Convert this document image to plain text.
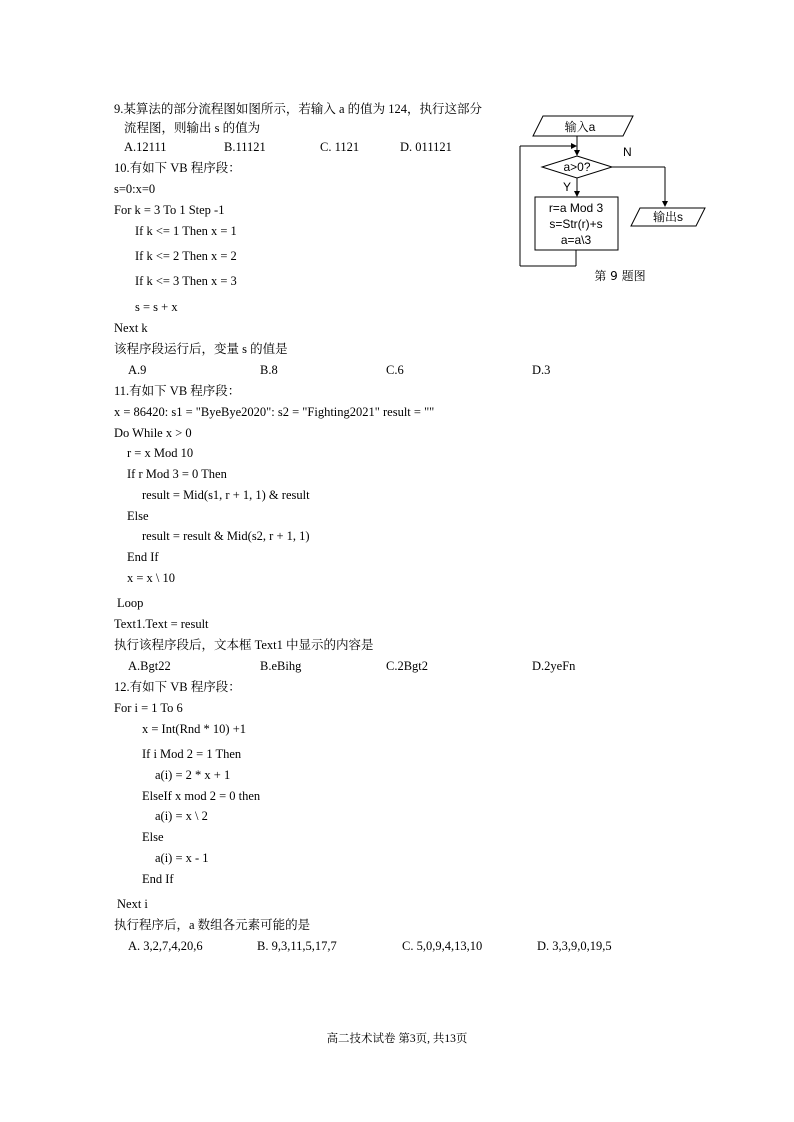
9.某算法的部分流程图如图所示，若输入 a 的值为 124，执行这部分
流程图，则输出 s 的值为
A.12111	B.11121	C. 1121	D. 011121
输入a
a>0?
N
输出s
Y
r=a Mod 3
s=Str(r)+s
a=a\3
第 9 题图
10.有如下 VB 程序段：
s=0:x=0
For k = 3 To 1 Step -1
If k <= 1 Then x = 1
If k <= 2 Then x = 2
If k <= 3 Then x = 3
s = s + x
Next k
该程序段运行后，变量 s 的值是
A.9	B.8	C.6	D.3
11.有如下 VB 程序段：
x = 86420: s1 = "ByeBye2020": s2 = "Fighting2021" result = ""
Do While x > 0
r = x Mod 10
If r Mod 3 = 0 Then
result = Mid(s1, r + 1, 1) & result
Else
result = result & Mid(s2, r + 1, 1)
End If
x = x \ 10
Loop
Text1.Text = result
执行该程序段后，文本框 Text1 中显示的内容是
A.Bgt22	B.eBihg	C.2Bgt2	D.2yeFn
12.有如下 VB 程序段：
For i = 1 To 6
x = Int(Rnd * 10) +1
If i Mod 2 = 1 Then
a(i) = 2 * x + 1
ElseIf x mod 2 = 0 then
a(i) = x \ 2
Else
a(i) = x - 1
End If
Next i
执行程序后，a 数组各元素可能的是
A. 3,2,7,4,20,6	B. 9,3,11,5,17,7	C. 5,0,9,4,13,10	D. 3,3,9,0,19,5
高二技术试卷 第3页, 共13页
